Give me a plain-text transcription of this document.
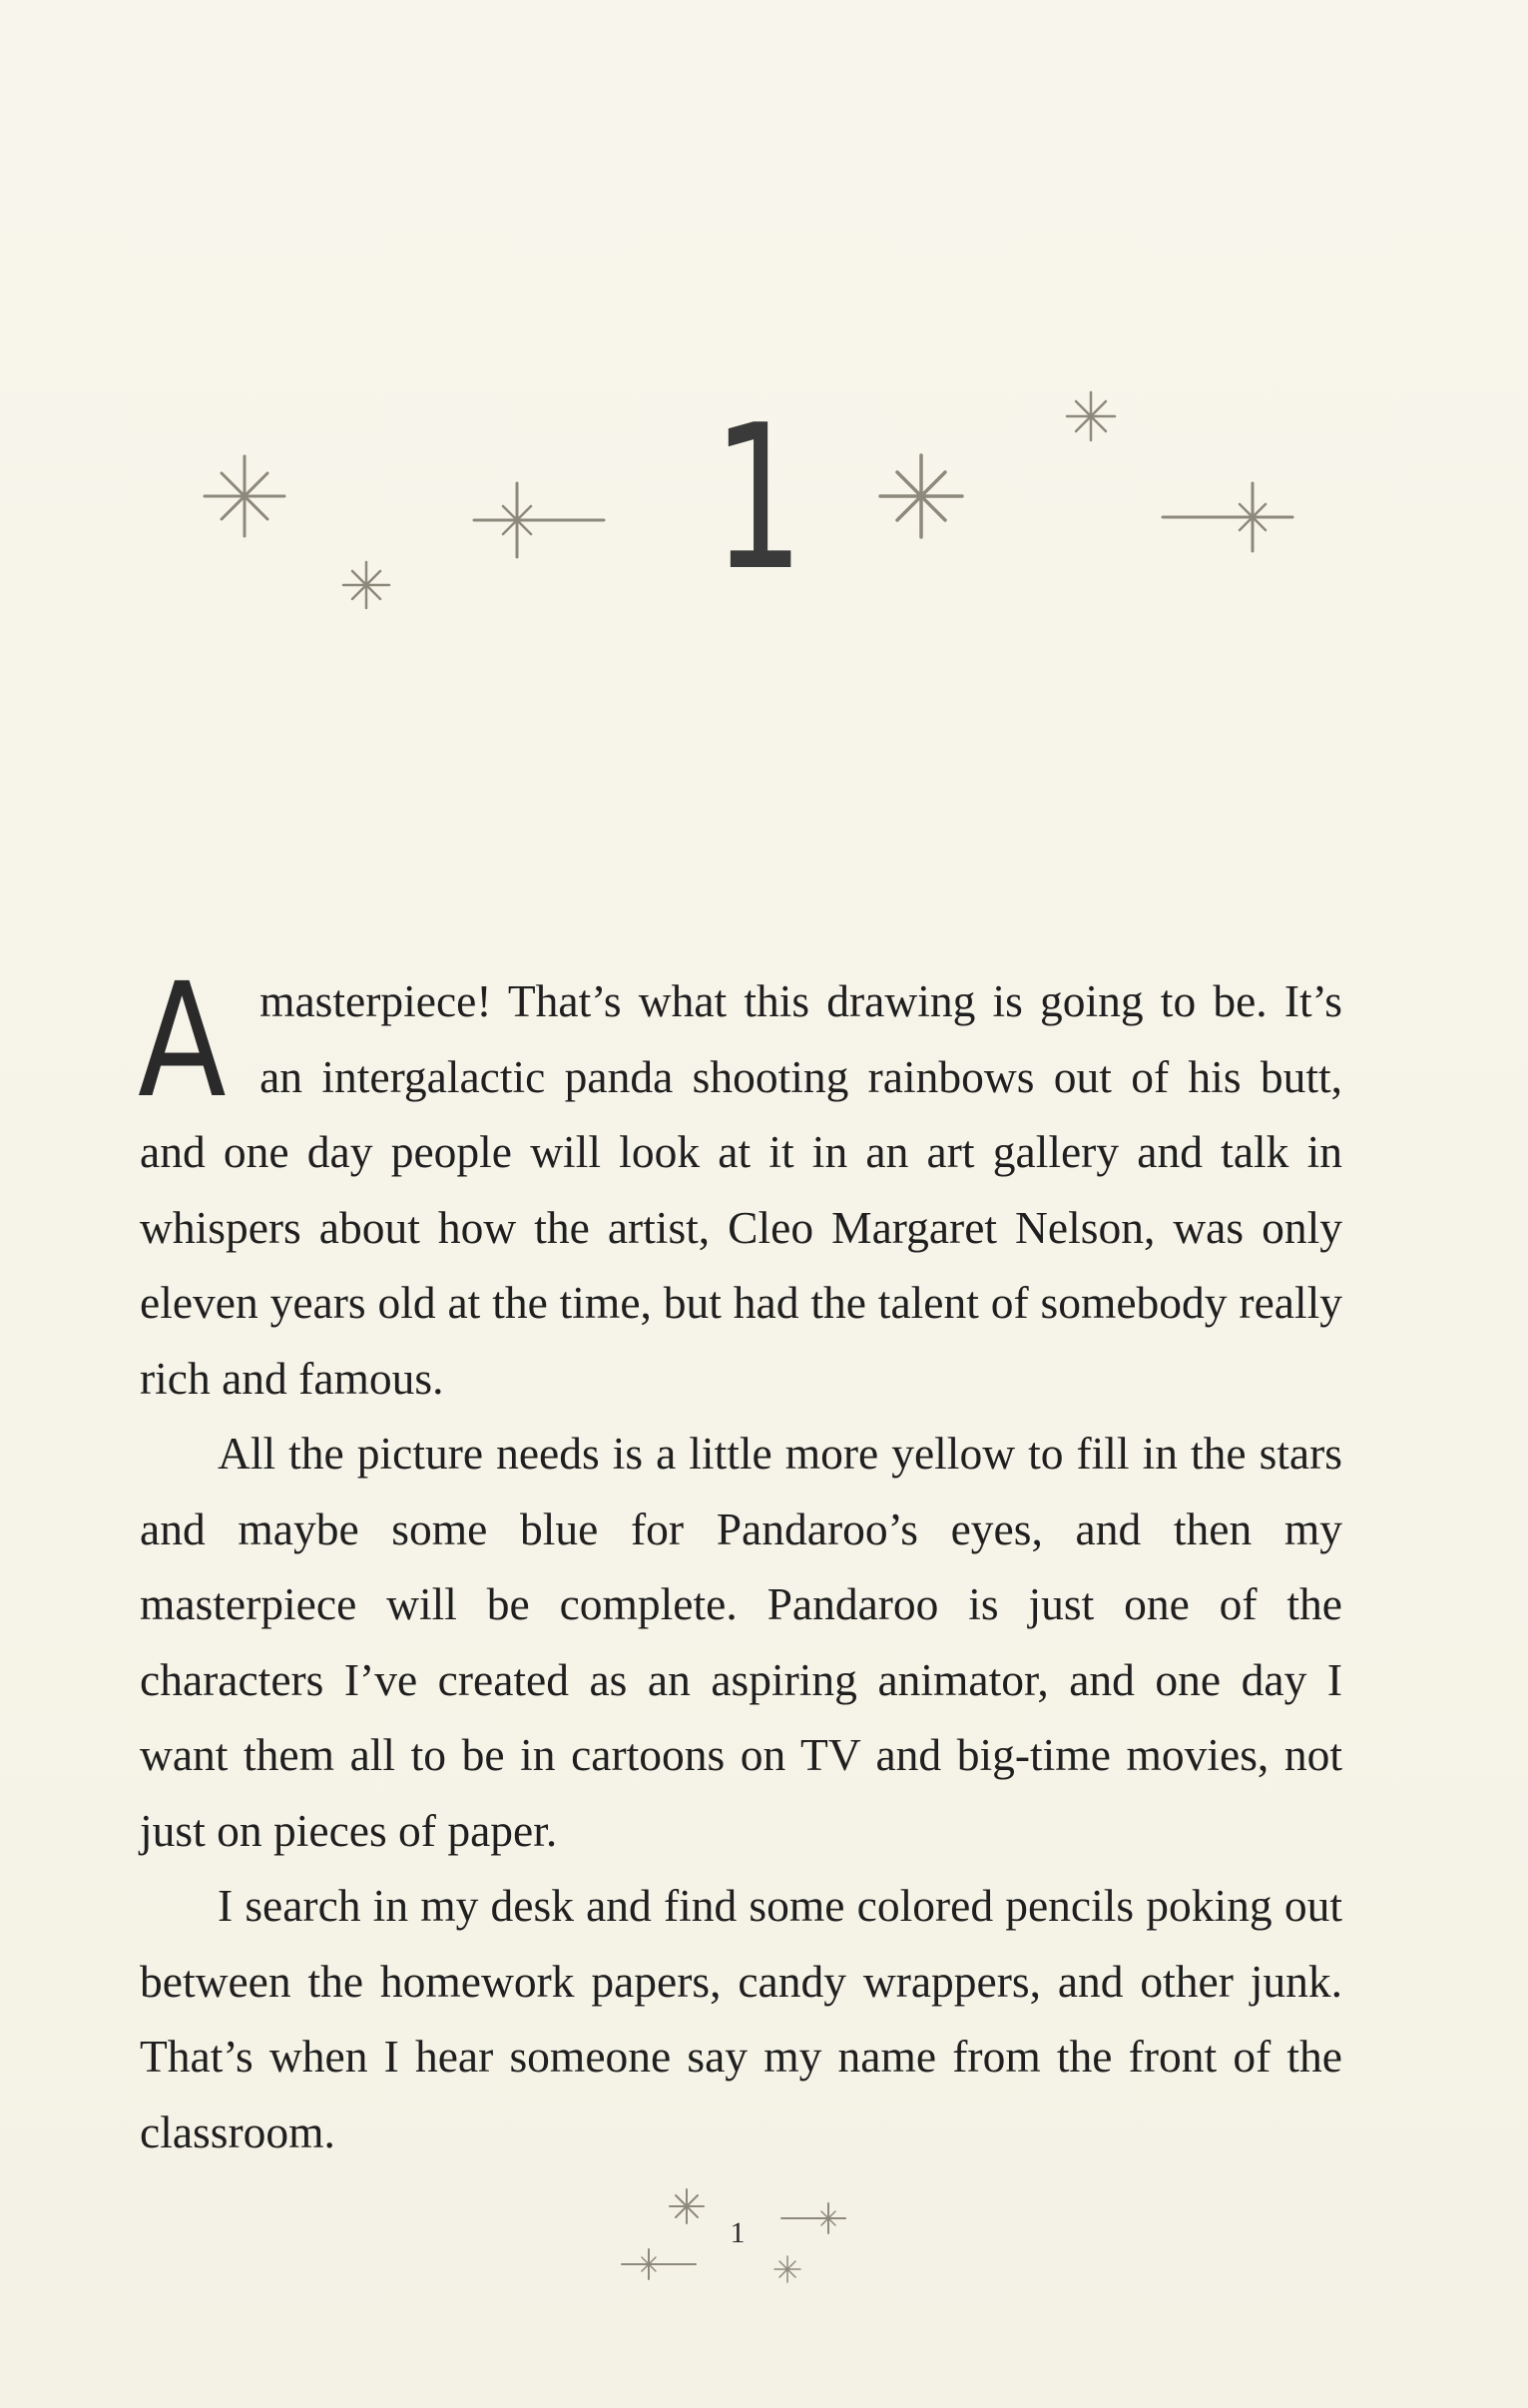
1

Amasterpiece! That’s what this drawing is going to be. It’s an intergalactic panda shooting rainbows out of his butt, and one day people will look at it in an art gallery and talk in whispers about how the artist, Cleo Margaret Nelson, was only eleven years old at the time, but had the talent of somebody really rich and famous.

All the picture needs is a little more yellow to fill in the stars and maybe some blue for Pandaroo’s eyes, and then my masterpiece will be complete. Pandaroo is just one of the characters I’ve created as an aspiring animator, and one day I want them all to be in cartoons on TV and big-time movies, not just on pieces of paper.

I search in my desk and find some colored pencils poking out between the homework papers, candy wrappers, and other junk. That’s when I hear someone say my name from the front of the classroom.

1
